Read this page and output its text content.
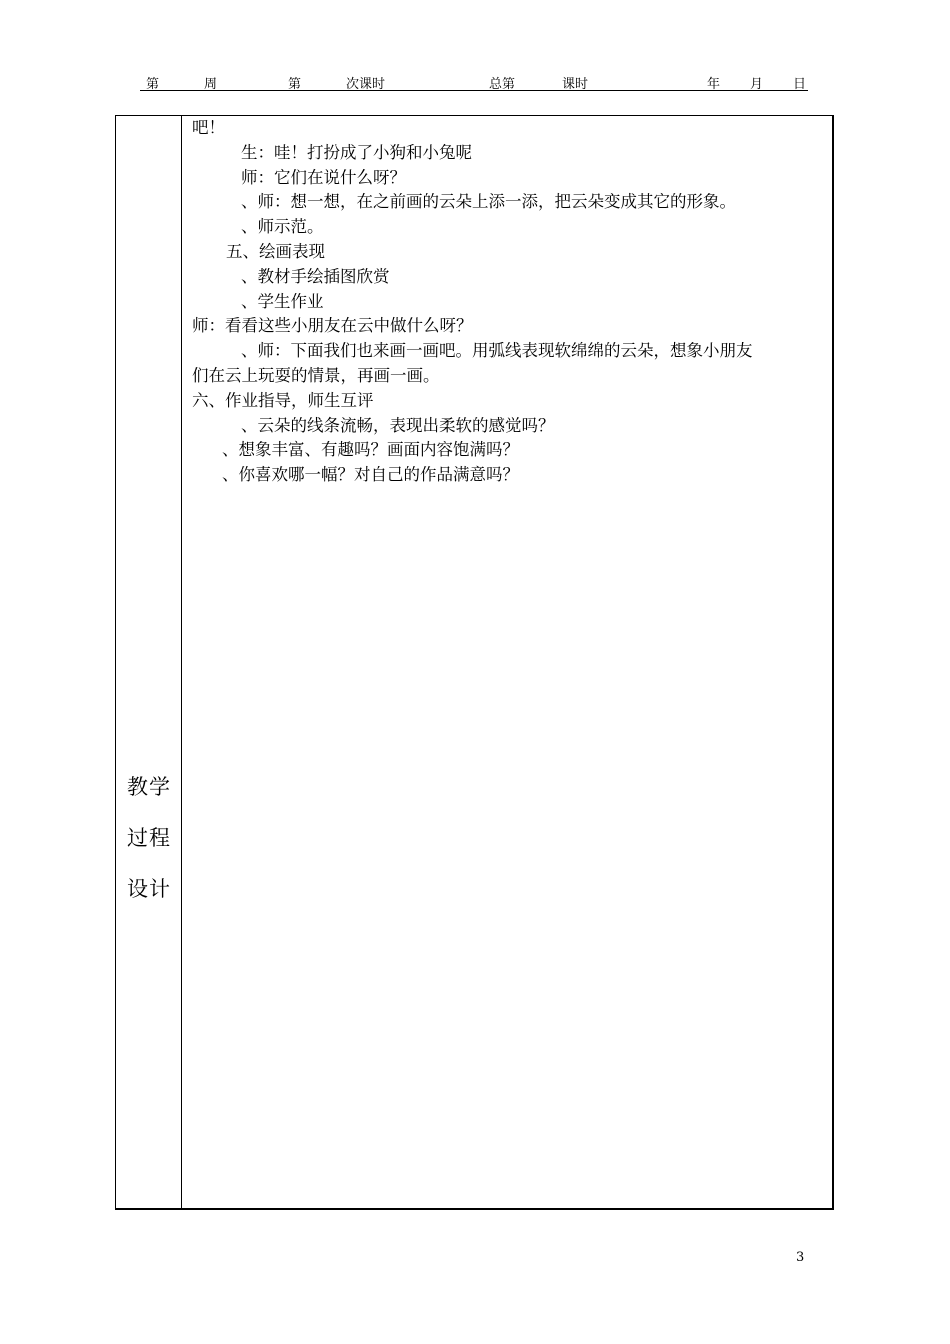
第	周	第	次课时	总第	课时	年 月 日
教学
过程
设计
吧！
生：哇！打扮成了小狗和小兔呢
师：它们在说什么呀？
、师：想一想，在之前画的云朵上添一添，把云朵变成其它的形象。
、师示范。
五、绘画表现
、教材手绘插图欣赏
、学生作业
师：看看这些小朋友在云中做什么呀？
、师：下面我们也来画一画吧。用弧线表现软绵绵的云朵，想象小朋友
们在云上玩耍的情景，再画一画。
六、作业指导，师生互评
、云朵的线条流畅，表现出柔软的感觉吗？
、想象丰富、有趣吗？画面内容饱满吗？
、你喜欢哪一幅？对自己的作品满意吗？
3
